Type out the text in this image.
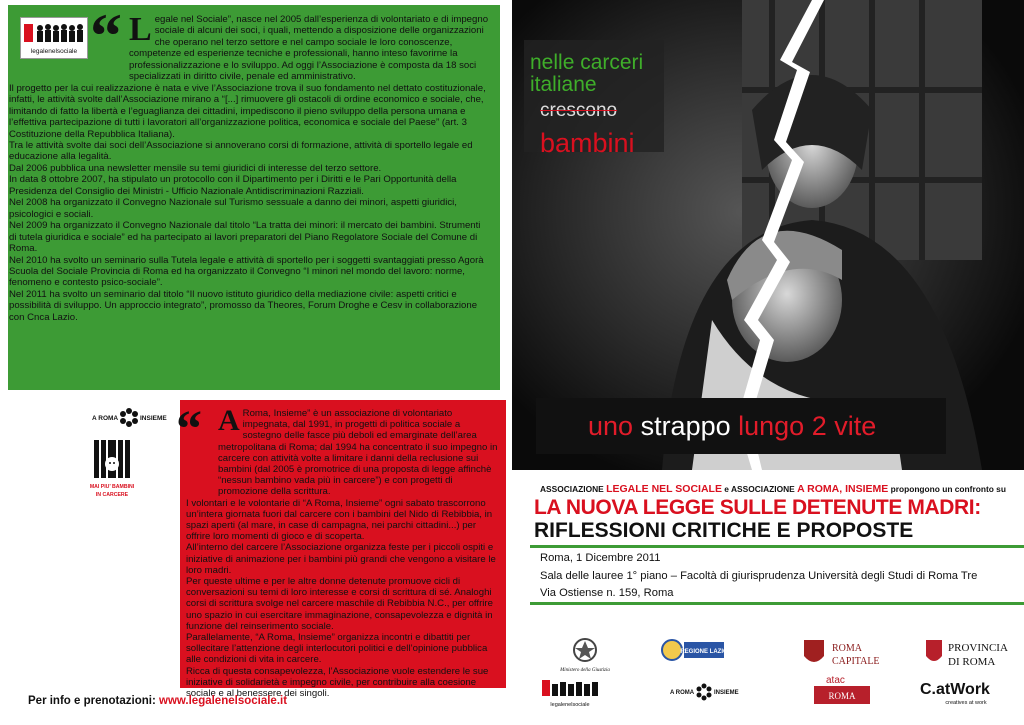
Legale nel Sociale”, nasce nel 2005 dall’esperienza di volontariato e di impegno sociale di alcuni dei soci, i quali, mettendo a disposizione delle organizzazioni che operano nel terzo settore e nel campo sociale le loro conoscenze, competenze ed esperienze tecniche e professionali, hanno inteso favorirne la professionalizzazione e lo sviluppo. Ad oggi l’Associazione è composta da 18 soci specializzati in diritto civile, penale ed amministrativo.

Il progetto per la cui realizzazione è nata e vive l’Associazione trova il suo fondamento nel dettato costituzionale, infatti, le attività svolte dall’Associazione mirano a “[...] rimuovere gli ostacoli di ordine economico e sociale, che, limitando di fatto la libertà e l’eguaglianza dei cittadini, impediscono il pieno sviluppo della persona umana e l’effettiva partecipazione di tutti i lavoratori all’organizzazione politica, economica e sociale del Paese” (art. 3 Costituzione della Repubblica Italiana).

Tra le attività svolte dai soci dell’Associazione si annoverano corsi di formazione, attività di sportello legale ed educazione alla legalità.

Dal 2006 pubblica una newsletter mensile su temi giuridici di interesse del terzo settore.

In data 8 ottobre 2007, ha stipulato un protocollo con il Dipartimento per i Diritti e le Pari Opportunità della Presidenza del Consiglio dei Ministri - Ufficio Nazionale Antidiscriminazioni Razziali.

Nel 2008 ha organizzato il Convegno Nazionale sul Turismo sessuale a danno dei minori, aspetti giuridici, psicologici e sociali.

Nel 2009 ha organizzato il Convegno Nazionale dal titolo “La tratta dei minori: il mercato dei bambini. Strumenti di tutela giuridica e sociale” ed ha partecipato ai lavori preparatori del Piano Regolatore Sociale del Comune di Roma.

Nel 2010 ha svolto un seminario sulla Tutela legale e attività di sportello per i soggetti svantaggiati presso Agorà Scuola del Sociale Provincia di Roma ed ha organizzato il Convegno “I minori nel mondo del lavoro: norme, fenomeno e contesto psico-sociale”.

Nel 2011 ha svolto un seminario dal titolo “Il nuovo istituto giuridico della mediazione civile: aspetti critici e possibilità di sviluppo. Un approccio integrato”, promosso da Theores, Forum Droghe e Cesv in collaborazione con Cnca Lazio.

legalenelsociale “

A Roma, Insieme” è un associazione di volontariato impegnata, dal 1991, in progetti di politica sociale a sostegno delle fasce più deboli ed emarginate dell’area metropolitana di Roma; dal 1994 ha concentrato il suo impegno in carcere con attività volte a limitare i danni della reclusione sui bambini (dal 2005 è promotrice di una proposta di legge affinchè “nessun bambino vada più in carcere”) e con progetti di promozione della scrittura.

I volontari e le volontarie di “A Roma, Insieme” ogni sabato trascorrono un’intera giornata fuori dal carcere con i bambini del Nido di Rebibbia, in spazi aperti (al mare, in case di campagna, nei parchi cittadini...) per offrire loro momenti di gioco e di scoperta.

All’interno del carcere l’Associazione organizza feste per i piccoli ospiti e iniziative di animazione per i bambini più grandi che vengono a visitare le loro madri.

Per queste ultime e per le altre donne detenute promuove cicli di conversazioni su temi di loro interesse e corsi di scrittura di sé. Analoghi corsi di scrittura svolge nel carcere maschile di Rebibbia N.C., per offrire uno spazio in cui esercitare immaginazione, consapevolezza e dignità in funzione del reinserimento sociale.

Parallelamente, “A Roma, Insieme” organizza incontri e dibattiti per sollecitare l’attenzione degli interlocutori politici e dell’opinione pubblica alle condizioni di vita in carcere.

Ricca di questa consapevolezza, l’Associazione vuole estendere le sue iniziative di solidarietà e impegno civile, per contribuire alla coesione sociale e al benessere dei singoli.

A ROMA	INSIEME
MAI PIU’ BAMBINI
IN CARCERE
“
Per info e prenotazioni: www.legalenelsociale.it
nelle carceri
italiane
crescono
bambini
uno strappo lungo 2 vite
ASSOCIAZIONE LEGALE NEL SOCIALE e ASSOCIAZIONE A ROMA, INSIEME propongono un confronto su
LA NUOVA LEGGE SULLE DETENUTE MADRI:
RIFLESSIONI CRITICHE E PROPOSTE
Roma, 1 Dicembre 2011
Sala delle lauree 1° piano – Facoltà di giurisprudenza Università degli Studi di Roma Tre
Via Ostiense n. 159, Roma
Ministero della Giustizia
REGIONE LAZIO	ROMA
CAPITALE
PROVINCIA
DI ROMA
legalenelsociale
A ROMA	INSIEME
atac
ROMA	C.atWork
creatives at work
